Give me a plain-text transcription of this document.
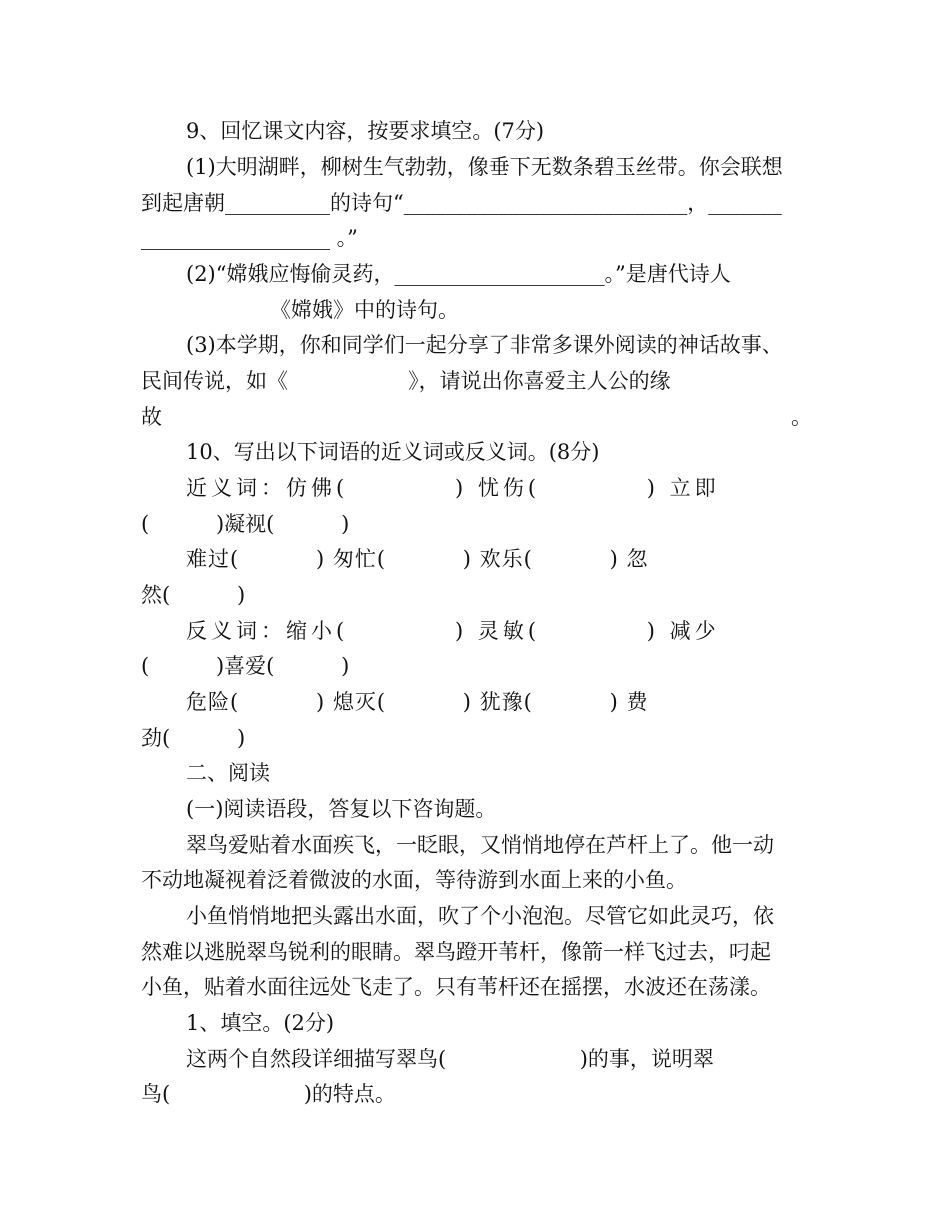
9、回忆课文内容，按要求填空。(7分)
(1)大明湖畔，柳树生气勃勃，像垂下无数条碧玉丝带。你会联想
到起唐朝__________的诗句“___________________________，_______
__________________ 。”
(2)“嫦娥应悔偷灵药，____________________。”是唐代诗人
《嫦娥》中的诗句。
(3)本学期，你和同学们一起分享了非常多课外阅读的神话故事、
民间传说，如《                  》，请说出你喜爱主人公的缘
故	。
10、写出以下词语的近义词或反义词。(8分)
近义词：仿佛(          ) 忧伤(          ) 立即
(          )凝视(          )
难过(          ) 匆忙(          ) 欢乐(          ) 忽
然(          )
反义词：缩小(          ) 灵敏(          ) 减少
(          )喜爱(          )
危险(          ) 熄灭(          ) 犹豫(          ) 费
劲(          )
二、阅读
(一)阅读语段，答复以下咨询题。
翠鸟爱贴着水面疾飞，一眨眼，又悄悄地停在芦杆上了。他一动
不动地凝视着泛着微波的水面，等待游到水面上来的小鱼。
小鱼悄悄地把头露出水面，吹了个小泡泡。尽管它如此灵巧，依
然难以逃脱翠鸟锐利的眼睛。翠鸟蹬开苇杆，像箭一样飞过去，叼起
小鱼，贴着水面往远处飞走了。只有苇杆还在摇摆，水波还在荡漾。
1、填空。(2分)
这两个自然段详细描写翠鸟(                    )的事，说明翠
鸟(                    )的特点。
